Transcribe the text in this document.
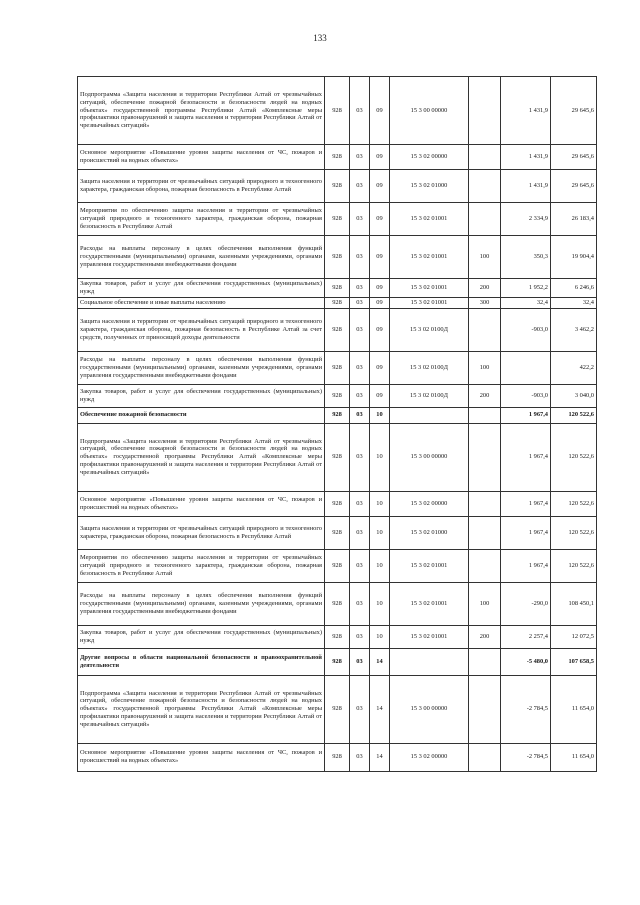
133
Подпрограмма «Защита населения и территории Республики Алтай от чрезвычайных ситуаций, обеспечение пожарной безопасности и безопасности людей на водных объектах» государственной программы Республики Алтай «Комплексные меры профилактики правонарушений и защита населения и территории Республики Алтай от чрезвычайных ситуаций»	928	03	09	15 3 00 00000		1 431,9	29 645,6
Основное мероприятие «Повышение уровня защиты населения от ЧС, пожаров и происшествий на водных объектах»	928	03	09	15 3 02 00000		1 431,9	29 645,6
Защита населения и территории от чрезвычайных ситуаций природного и техногенного характера, гражданская оборона, пожарная безопасность в Республике Алтай	928	03	09	15 3 02 01000		1 431,9	29 645,6
Мероприятия по обеспечению защиты населения и территории от чрезвычайных ситуаций природного и техногенного характера, гражданская оборона, пожарная безопасность в Республике Алтай	928	03	09	15 3 02 01001		2 334,9	26 183,4
Расходы на выплаты персоналу в целях обеспечения выполнения функций государственными (муниципальными) органами, казенными учреждениями, органами управления государственными внебюджетными фондами	928	03	09	15 3 02 01001	100	350,3	19 904,4
Закупка товаров, работ и услуг для обеспечения государственных (муниципальных) нужд	928	03	09	15 3 02 01001	200	1 952,2	6 246,6
Социальное обеспечение и иные выплаты населению	928	03	09	15 3 02 01001	300	32,4	32,4
Защита населения и территории от чрезвычайных ситуаций природного и техногенного характера, гражданская оборона, пожарная безопасность в Республике Алтай за счет средств, полученных от приносящей доходы деятельности	928	03	09	15 3 02 0100Д		-903,0	3 462,2
Расходы на выплаты персоналу в целях обеспечения выполнения функций государственными (муниципальными) органами, казенными учреждениями, органами управления государственными внебюджетными фондами	928	03	09	15 3 02 0100Д	100		422,2
Закупка товаров, работ и услуг для обеспечения государственных (муниципальных) нужд	928	03	09	15 3 02 0100Д	200	-903,0	3 040,0
Обеспечение пожарной безопасности	928	03	10			1 967,4	120 522,6
Подпрограмма «Защита населения и территории Республики Алтай от чрезвычайных ситуаций, обеспечение пожарной безопасности и безопасности людей на водных объектах» государственной программы Республики Алтай «Комплексные меры профилактики правонарушений и защита населения и территории Республики Алтай от чрезвычайных ситуаций»	928	03	10	15 3 00 00000		1 967,4	120 522,6
Основное мероприятие «Повышение уровня защиты населения от ЧС, пожаров и происшествий на водных объектах»	928	03	10	15 3 02 00000		1 967,4	120 522,6
Защита населения и территории от чрезвычайных ситуаций природного и техногенного характера, гражданская оборона, пожарная безопасность в Республике Алтай	928	03	10	15 3 02 01000		1 967,4	120 522,6
Мероприятия по обеспечению защиты населения и территории от чрезвычайных ситуаций природного и техногенного характера, гражданская оборона, пожарная безопасность в Республике Алтай	928	03	10	15 3 02 01001		1 967,4	120 522,6
Расходы на выплаты персоналу в целях обеспечения выполнения функций государственными (муниципальными) органами, казенными учреждениями, органами управления государственными внебюджетными фондами	928	03	10	15 3 02 01001	100	-290,0	108 450,1
Закупка товаров, работ и услуг для обеспечения государственных (муниципальных) нужд	928	03	10	15 3 02 01001	200	2 257,4	12 072,5
Другие вопросы в области национальной безопасности и правоохранительной деятельности	928	03	14			-5 480,0	107 658,5
Подпрограмма «Защита населения и территории Республики Алтай от чрезвычайных ситуаций, обеспечение пожарной безопасности и безопасности людей на водных объектах» государственной программы Республики Алтай «Комплексные меры профилактики правонарушений и защита населения и территории Республики Алтай от чрезвычайных ситуаций»	928	03	14	15 3 00 00000		-2 784,5	11 654,0
Основное мероприятие «Повышение уровня защиты населения от ЧС, пожаров и происшествий на водных объектах»	928	03	14	15 3 02 00000		-2 784,5	11 654,0
